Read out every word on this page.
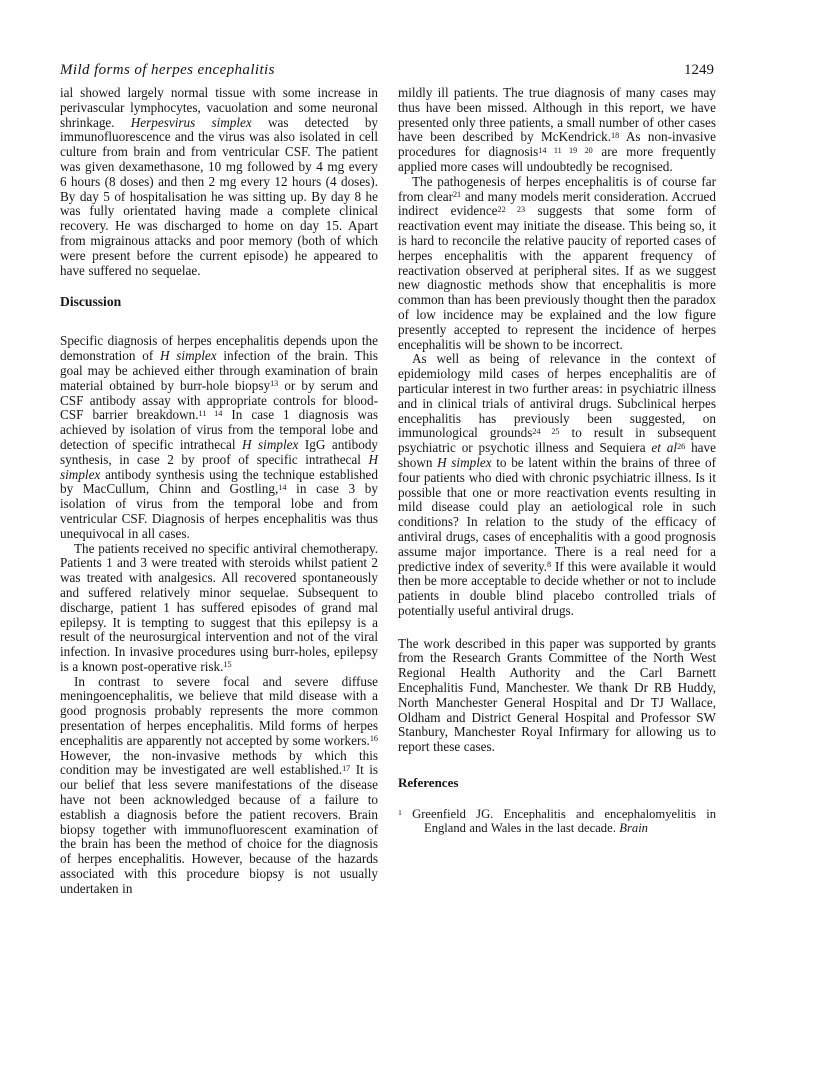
Mild forms of herpes encephalitis	1249

ial showed largely normal tissue with some increase in perivascular lymphocytes, vacuolation and some neuronal shrinkage. Herpesvirus simplex was detected by immunofluorescence and the virus was also isolated in cell culture from brain and from ventricular CSF. The patient was given dexamethasone, 10 mg followed by 4 mg every 6 hours (8 doses) and then 2 mg every 12 hours (4 doses). By day 5 of hospitalisation he was sitting up. By day 8 he was fully orientated having made a complete clinical recovery. He was discharged to home on day 15. Apart from migrainous attacks and poor memory (both of which were present before the current episode) he appeared to have suffered no sequelae.

Discussion

Specific diagnosis of herpes encephalitis depends upon the demonstration of H simplex infection of the brain. This goal may be achieved either through examination of brain material obtained by burr-hole biopsy$^{13}$ or by serum and CSF antibody assay with appropriate controls for blood-CSF barrier breakdown.$^{11 14}$ In case 1 diagnosis was achieved by isolation of virus from the temporal lobe and detection of specific intrathecal H simplex IgG antibody synthesis, in case 2 by proof of specific intrathecal H simplex antibody synthesis using the technique established by MacCullum, Chinn and Gostling,$^{14}$ in case 3 by isolation of virus from the temporal lobe and from ventricular CSF. Diagnosis of herpes encephalitis was thus unequivocal in all cases.

The patients received no specific antiviral chemotherapy. Patients 1 and 3 were treated with steroids whilst patient 2 was treated with analgesics. All recovered spontaneously and suffered relatively minor sequelae. Subsequent to discharge, patient 1 has suffered episodes of grand mal epilepsy. It is tempting to suggest that this epilepsy is a result of the neurosurgical intervention and not of the viral infection. In invasive procedures using burr-holes, epilepsy is a known post-operative risk.$^{15}$

In contrast to severe focal and severe diffuse meningoencephalitis, we believe that mild disease with a good prognosis probably represents the more common presentation of herpes encephalitis. Mild forms of herpes encephalitis are apparently not accepted by some workers.$^{16}$ However, the non-invasive methods by which this condition may be investigated are well established.$^{17}$ It is our belief that less severe manifestations of the disease have not been acknowledged because of a failure to establish a diagnosis before the patient recovers. Brain biopsy together with immunofluorescent examination of the brain has been the method of choice for the diagnosis of herpes encephalitis. However, because of the hazards associated with this procedure biopsy is not usually undertaken in

mildly ill patients. The true diagnosis of many cases may thus have been missed. Although in this report, we have presented only three patients, a small number of other cases have been described by McKendrick.$^{18}$ As non-invasive procedures for diagnosis$^{14 11 19 20}$ are more frequently applied more cases will undoubtedly be recognised.

The pathogenesis of herpes encephalitis is of course far from clear$^{21}$ and many models merit consideration. Accrued indirect evidence$^{22 23}$ suggests that some form of reactivation event may initiate the disease. This being so, it is hard to reconcile the relative paucity of reported cases of herpes encephalitis with the apparent frequency of reactivation observed at peripheral sites. If as we suggest new diagnostic methods show that encephalitis is more common than has been previously thought then the paradox of low incidence may be explained and the low figure presently accepted to represent the incidence of herpes encephalitis will be shown to be incorrect.

As well as being of relevance in the context of epidemiology mild cases of herpes encephalitis are of particular interest in two further areas: in psychiatric illness and in clinical trials of antiviral drugs. Subclinical herpes encephalitis has previously been suggested, on immunological grounds$^{24 25}$ to result in subsequent psychiatric or psychotic illness and Sequiera et $al^{26}$ have shown H simplex to be latent within the brains of three of four patients who died with chronic psychiatric illness. Is it possible that one or more reactivation events resulting in mild disease could play an aetiological role in such conditions? In relation to the study of the efficacy of antiviral drugs, cases of encephalitis with a good prognosis assume major importance. There is a real need for a predictive index of severity.$^8$ If this were available it would then be more acceptable to decide whether or not to include patients in double blind placebo controlled trials of potentially useful antiviral drugs.

The work described in this paper was supported by grants from the Research Grants Committee of the North West Regional Health Authority and the Carl Barnett Encephalitis Fund, Manchester. We thank Dr RB Huddy, North Manchester General Hospital and Dr TJ Wallace, Oldham and District General Hospital and Professor SW Stanbury, Manchester Royal Infirmary for allowing us to report these cases.

References

$^1$ Greenfield JG. Encephalitis and encephalomyelitis in England and Wales in the last decade. Brain
